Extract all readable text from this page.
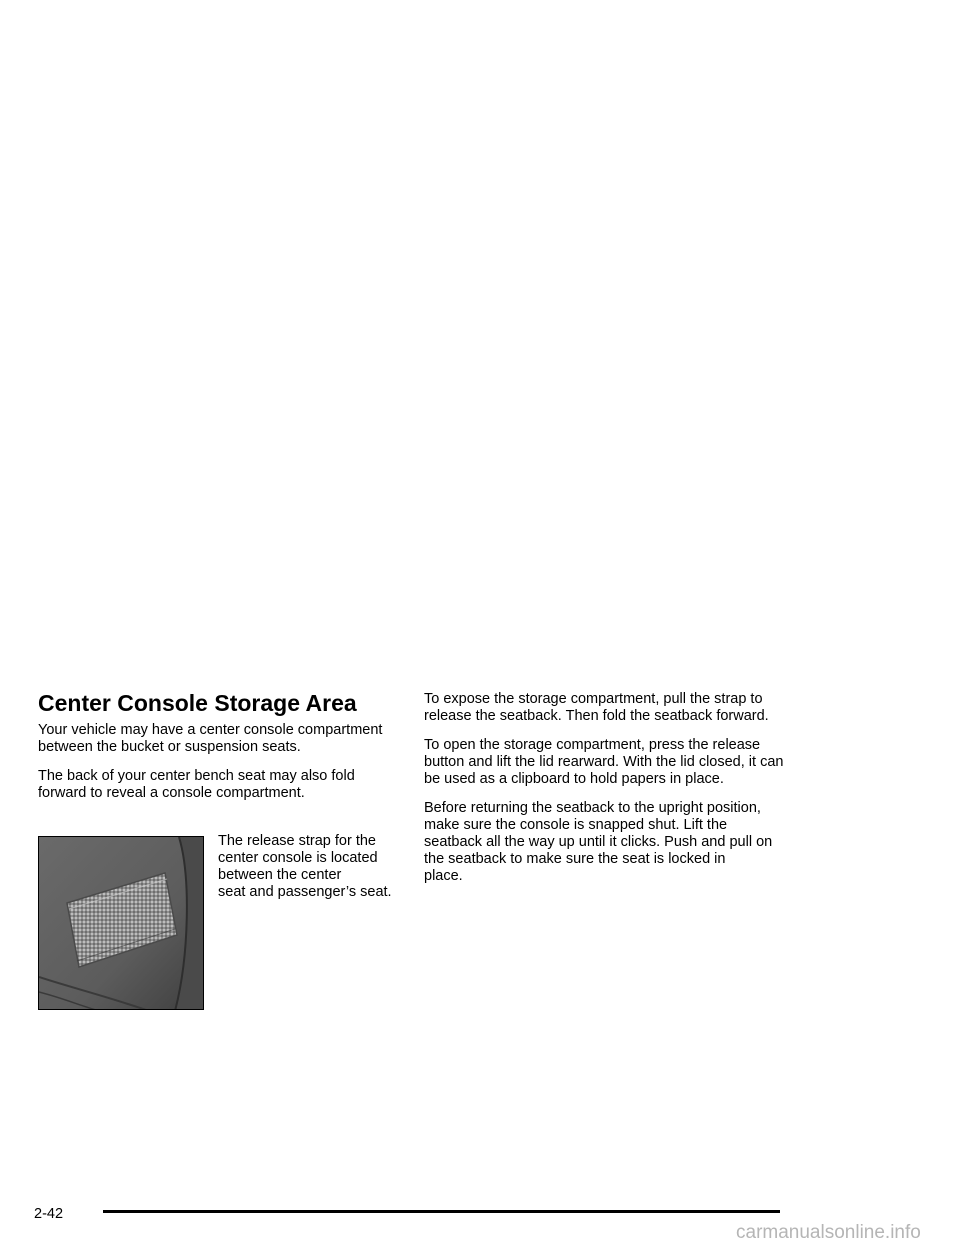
Center Console Storage Area

Your vehicle may have a center console compartment
between the bucket or suspension seats.

The back of your center bench seat may also fold
forward to reveal a console compartment.

The release strap for the
center console is located
between the center
seat and passenger’s seat.

To expose the storage compartment, pull the strap to
release the seatback. Then fold the seatback forward.

To open the storage compartment, press the release
button and lift the lid rearward. With the lid closed, it can
be used as a clipboard to hold papers in place.

Before returning the seatback to the upright position,
make sure the console is snapped shut. Lift the
seatback all the way up until it clicks. Push and pull on
the seatback to make sure the seat is locked in
place.

2-42
carmanualsonline.info
